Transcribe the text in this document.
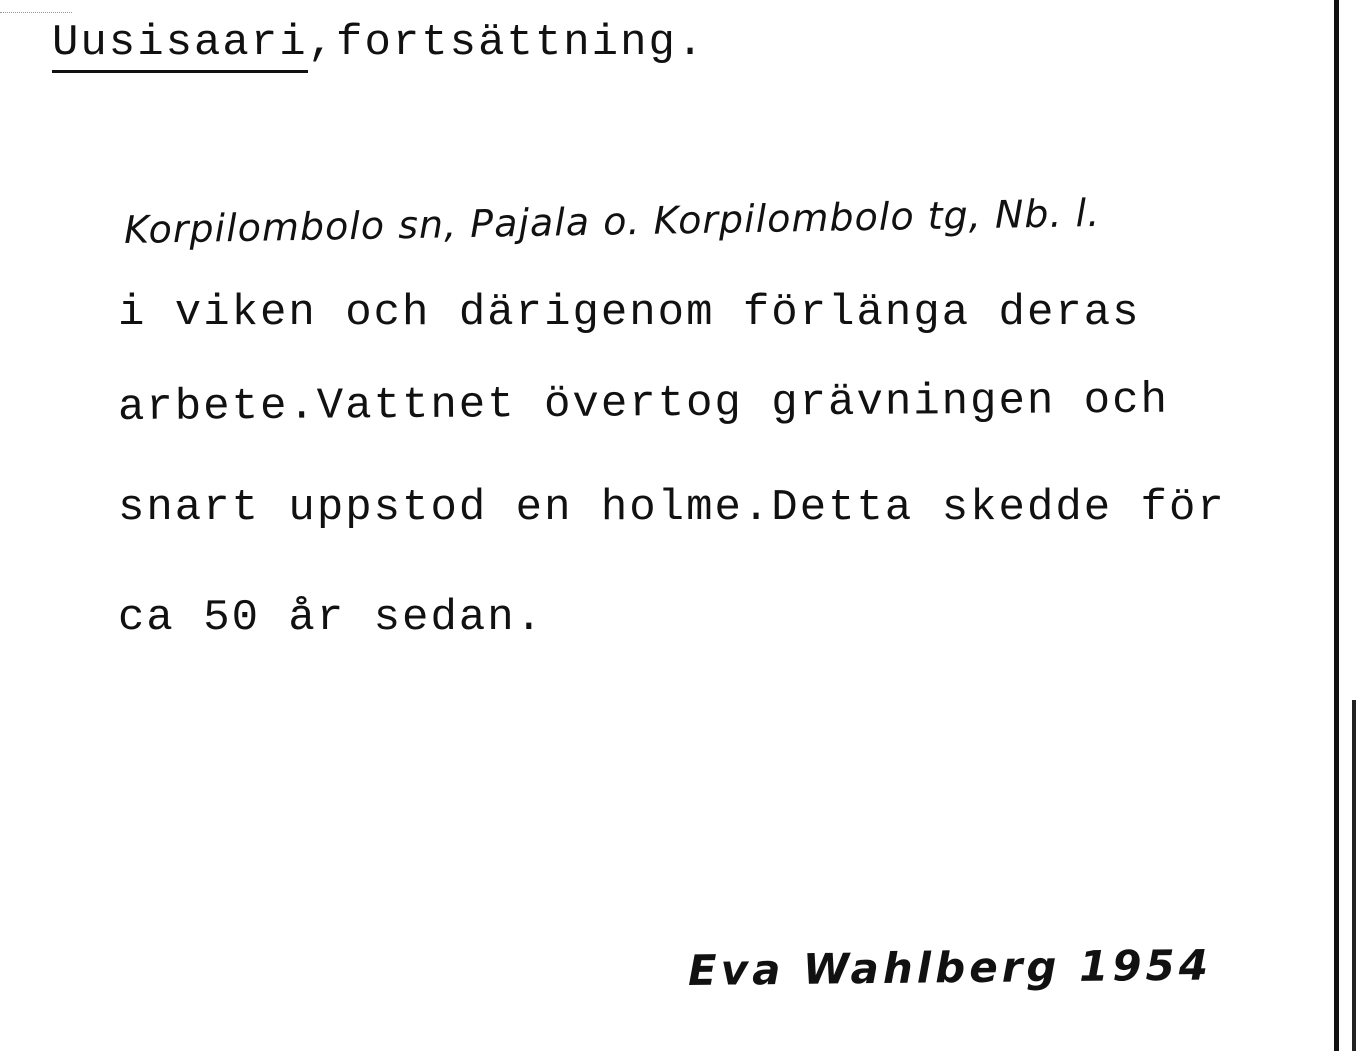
Uusisaari,fortsättning.
Korpilombolo sn, Pajala o. Korpilombolo tg, Nb. l.
i viken och därigenom förlänga deras
arbete.Vattnet övertog grävningen och
snart uppstod en holme.Detta skedde för
ca 50 år sedan.
Eva Wahlberg 1954
